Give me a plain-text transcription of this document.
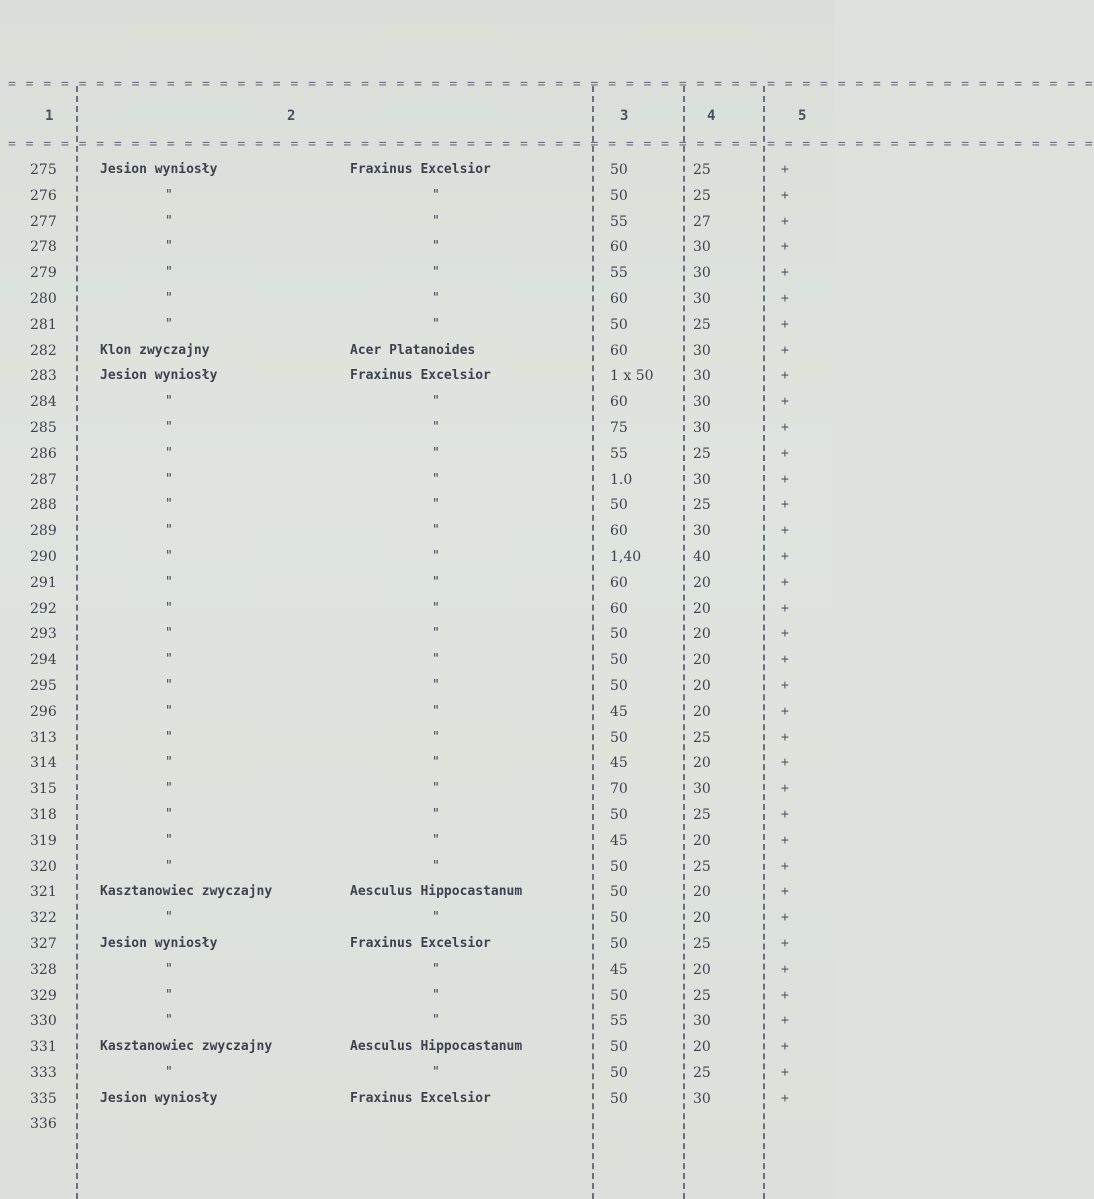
= = = = = = = = = = = = = = = = = = = = = = = = = = = = = = = = = = = = = = = = = = = = = = = = = = = = = = = = = = = = = =
= = = = = = = = = = = = = = = = = = = = = = = = = = = = = = = = = = = = = = = = = = = = = = = = = = = = = = = = = = = = = =
1	2	3	4	5
275	Jesion wyniosły	Fraxinus Excelsior	50	25	+
276	"	"	50	25	+
277	"	"	55	27	+
278	"	"	60	30	+
279	"	"	55	30	+
280	"	"	60	30	+
281	"	"	50	25	+
282	Klon zwyczajny	Acer Platanoides	60	30	+
283	Jesion wyniosły	Fraxinus Excelsior	1 x 50	30	+
284	"	"	60	30	+
285	"	"	75	30	+
286	"	"	55	25	+
287	"	"	1.0	30	+
288	"	"	50	25	+
289	"	"	60	30	+
290	"	"	1,40	40	+
291	"	"	60	20	+
292	"	"	60	20	+
293	"	"	50	20	+
294	"	"	50	20	+
295	"	"	50	20	+
296	"	"	45	20	+
313	"	"	50	25	+
314	"	"	45	20	+
315	"	"	70	30	+
318	"	"	50	25	+
319	"	"	45	20	+
320	"	"	50	25	+
321	Kasztanowiec zwyczajny	Aesculus Hippocastanum	50	20	+
322	"	"	50	20	+
327	Jesion wyniosły	Fraxinus Excelsior	50	25	+
328	"	"	45	20	+
329	"	"	50	25	+
330	"	"	55	30	+
331	Kasztanowiec zwyczajny	Aesculus Hippocastanum	50	20	+
333	"	"	50	25	+
335	Jesion wyniosły	Fraxinus Excelsior	50	30	+
336
